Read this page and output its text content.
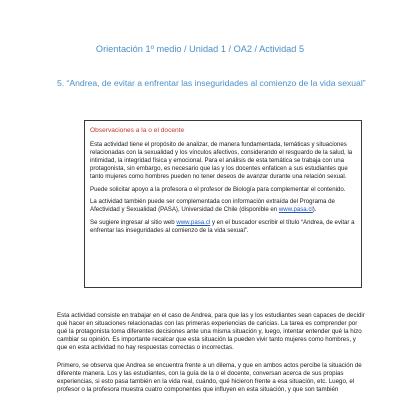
Orientación 1º medio / Unidad 1 / OA2 / Actividad 5
5. “Andrea, de evitar a enfrentar las inseguridades al comienzo de la vida sexual”
Observaciones a la o el docente

Esta actividad tiene el propósito de analizar, de manera fundamentada, temáticas y situaciones relacionadas con la sexualidad y los vínculos afectivos, considerando el resguardo de la salud, la intimidad, la integridad física y emocional. Para el análisis de esta temática se trabaja con una protagonista, sin embargo, es necesario que las y los docentes enfaticen a sus estudiantes que tanto mujeres como hombres pueden no tener deseos de avanzar durante una relación sexual.

Puede solicitar apoyo a la profesora o el profesor de Biología para complementar el contenido.

La actividad también puede ser complementada con información extraída del Programa de Afectividad y Sexualidad (PASA), Universidad de Chile (disponible en www.pasa.cl).

Se sugiere ingresar al sitio web www.pasa.cl y en el buscador escribir el título “Andrea, de evitar a enfrentar las inseguridades al comienzo de la vida sexual”.

Esta actividad consiste en trabajar en el caso de Andrea, para que las y los estudiantes sean capaces de decidir qué hacer en situaciones relacionadas con las primeras experiencias de caricias. La tarea es comprender por qué la protagonista toma diferentes decisiones ante una misma situación y, luego, intentar entender qué la hizo cambiar su opinión. Es importante recalcar que esta situación la pueden vivir tanto mujeres como hombres, y que en esta actividad no hay respuestas correctas o incorrectas.
Primero, se observa que Andrea se encuentra frente a un dilema, y que en ambos actos percibe la situación de diferente manera. Los y las estudiantes, con la guía de la o el docente, conversan acerca de sus propias experiencias, si esto pasa también en la vida real, cuándo, qué hicieron frente a esa situación, etc. Luego, el profesor o la profesora muestra cuatro componentes que influyen en esta situación, y que son también
